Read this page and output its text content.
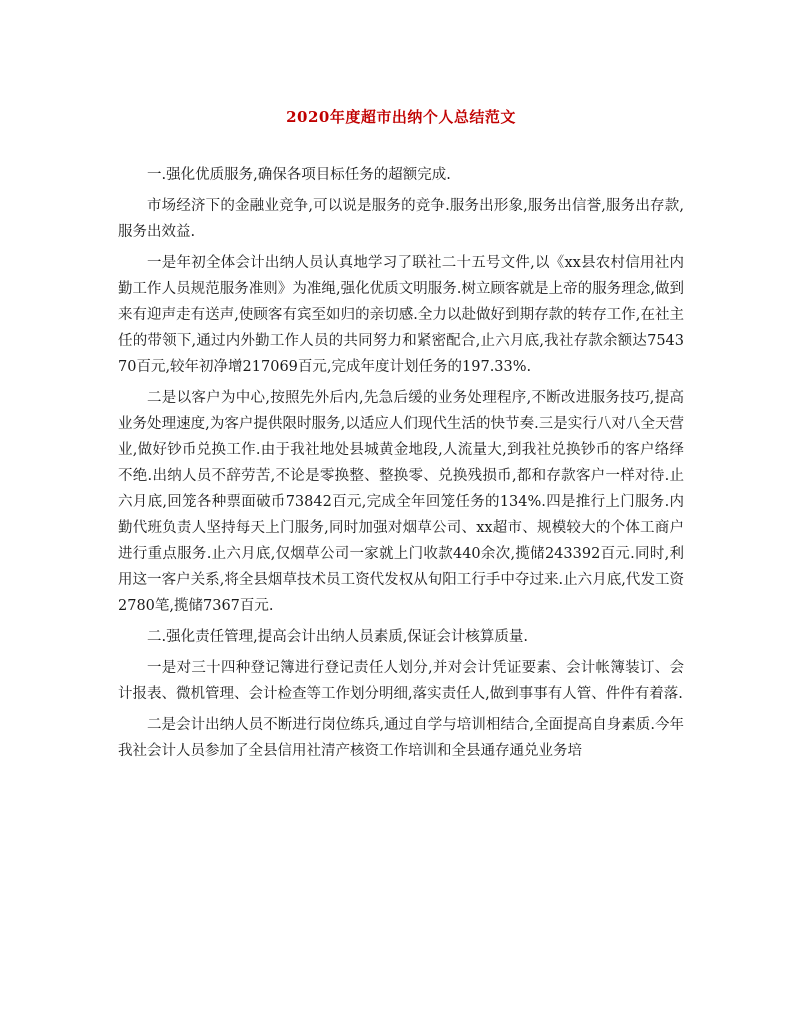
2020年度超市出纳个人总结范文

一.强化优质服务,确保各项目标任务的超额完成.

市场经济下的金融业竞争,可以说是服务的竞争.服务出形象,服务出信誉,服务出存款,服务出效益.

一是年初全体会计出纳人员认真地学习了联社二十五号文件,以《xx县农村信用社内勤工作人员规范服务准则》为准绳,强化优质文明服务.树立顾客就是上帝的服务理念,做到来有迎声走有送声,使顾客有宾至如归的亲切感.全力以赴做好到期存款的转存工作,在社主任的带领下,通过内外勤工作人员的共同努力和紧密配合,止六月底,我社存款余额达754370百元,较年初净增217069百元,完成年度计划任务的197.33%.

二是以客户为中心,按照先外后内,先急后缓的业务处理程序,不断改进服务技巧,提高业务处理速度,为客户提供限时服务,以适应人们现代生活的快节奏.三是实行八对八全天营业,做好钞币兑换工作.由于我社地处县城黄金地段,人流量大,到我社兑换钞币的客户络绎不绝.出纳人员不辞劳苦,不论是零换整、整换零、兑换残损币,都和存款客户一样对待.止六月底,回笼各种票面破币73842百元,完成全年回笼任务的134%.四是推行上门服务.内勤代班负责人坚持每天上门服务,同时加强对烟草公司、xx超市、规模较大的个体工商户进行重点服务.止六月底,仅烟草公司一家就上门收款440余次,揽储243392百元.同时,利用这一客户关系,将全县烟草技术员工资代发权从旬阳工行手中夺过来.止六月底,代发工资2780笔,揽储7367百元.

二.强化责任管理,提高会计出纳人员素质,保证会计核算质量.

一是对三十四种登记簿进行登记责任人划分,并对会计凭证要素、会计帐簿装订、会计报表、微机管理、会计检查等工作划分明细,落实责任人,做到事事有人管、件件有着落.

二是会计出纳人员不断进行岗位练兵,通过自学与培训相结合,全面提高自身素质.今年我社会计人员参加了全县信用社清产核资工作培训和全县通存通兑业务培
